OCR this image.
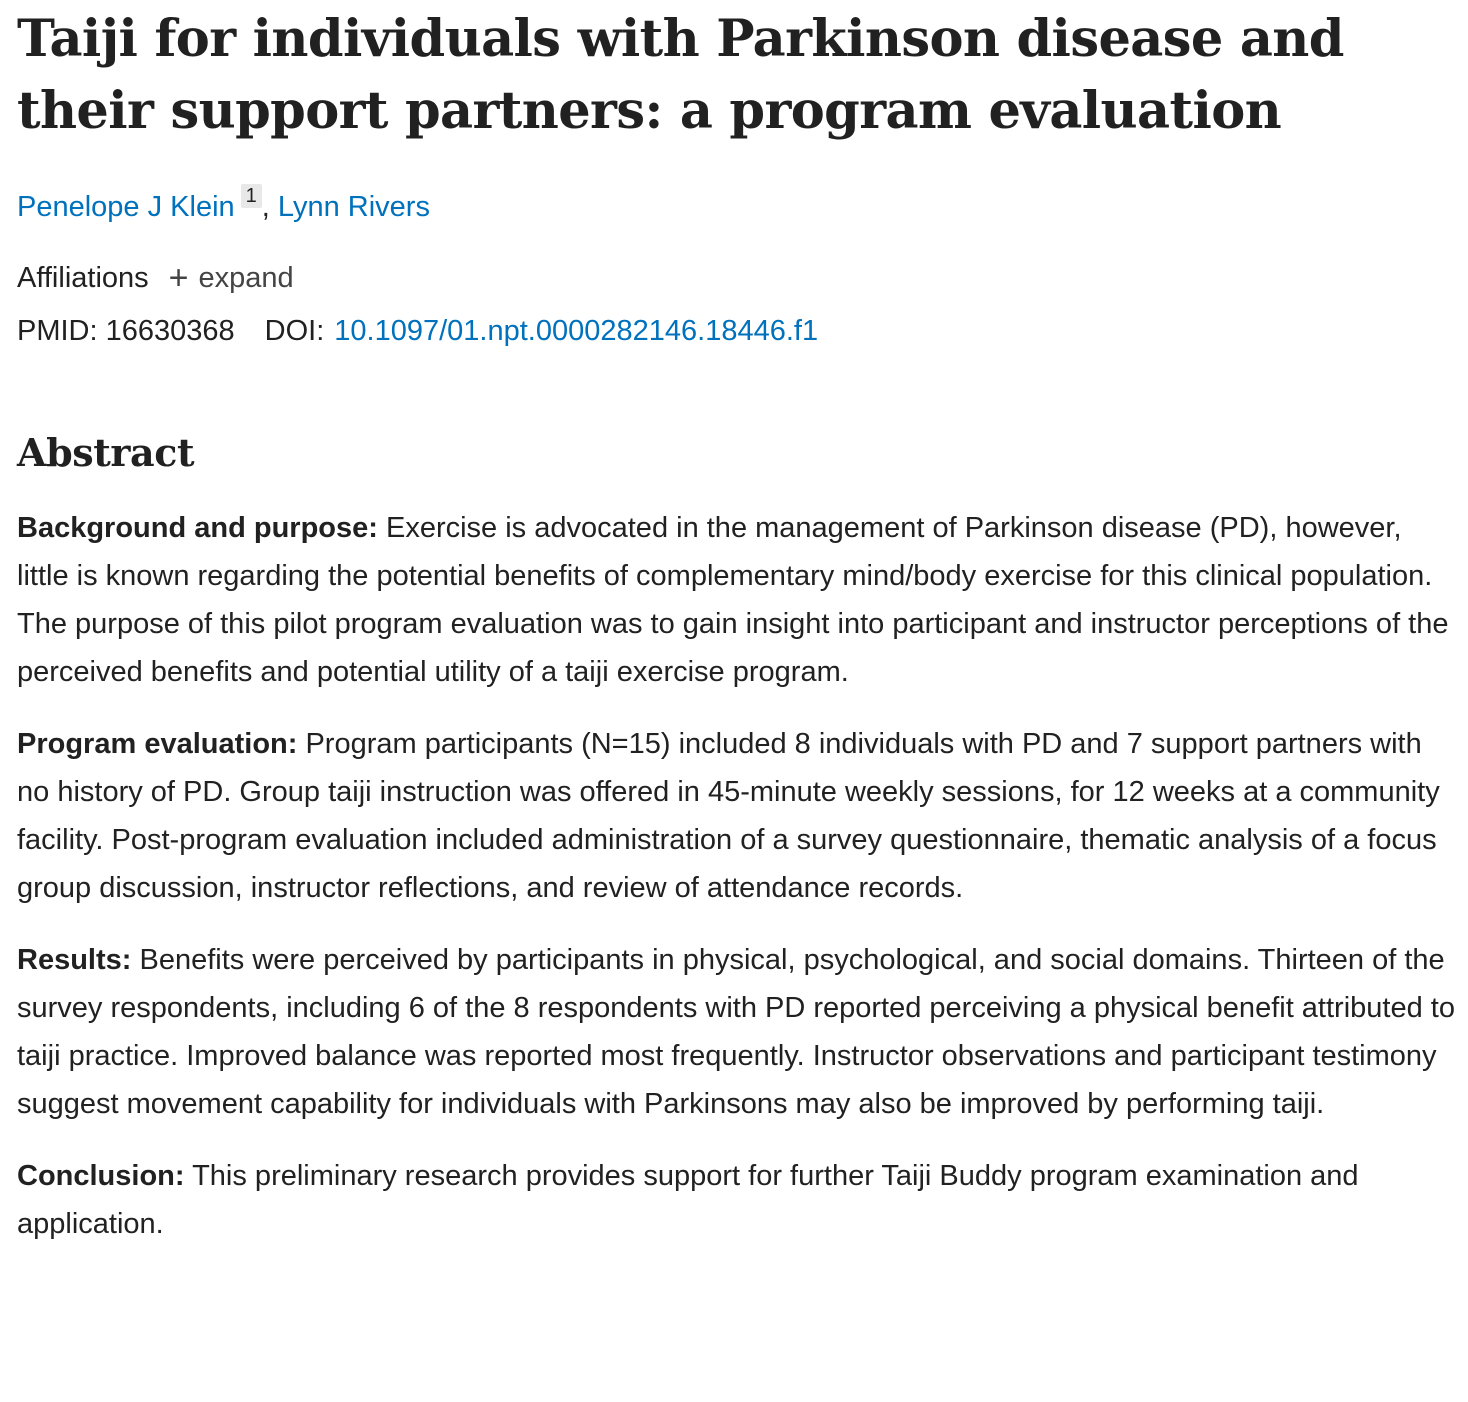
Taiji for individuals with Parkinson disease and their support partners: a program evaluation
Penelope J Klein 1 , Lynn Rivers
Affiliations + expand
PMID: 16630368 DOI: 10.1097/01.npt.0000282146.18446.f1
Abstract

Background and purpose: Exercise is advocated in the management of Parkinson disease (PD), however, little is known regarding the potential benefits of complementary mind/body exercise for this clinical population. The purpose of this pilot program evaluation was to gain insight into participant and instructor perceptions of the perceived benefits and potential utility of a taiji exercise program.

Program evaluation: Program participants (N=15) included 8 individuals with PD and 7 support partners with no history of PD. Group taiji instruction was offered in 45-minute weekly sessions, for 12 weeks at a community facility. Post-program evaluation included administration of a survey questionnaire, thematic analysis of a focus group discussion, instructor reflections, and review of attendance records.

Results: Benefits were perceived by participants in physical, psychological, and social domains. Thirteen of the survey respondents, including 6 of the 8 respondents with PD reported perceiving a physical benefit attributed to taiji practice. Improved balance was reported most frequently. Instructor observations and participant testimony suggest movement capability for individuals with Parkinsons may also be improved by performing taiji.

Conclusion: This preliminary research provides support for further Taiji Buddy program examination and application.
